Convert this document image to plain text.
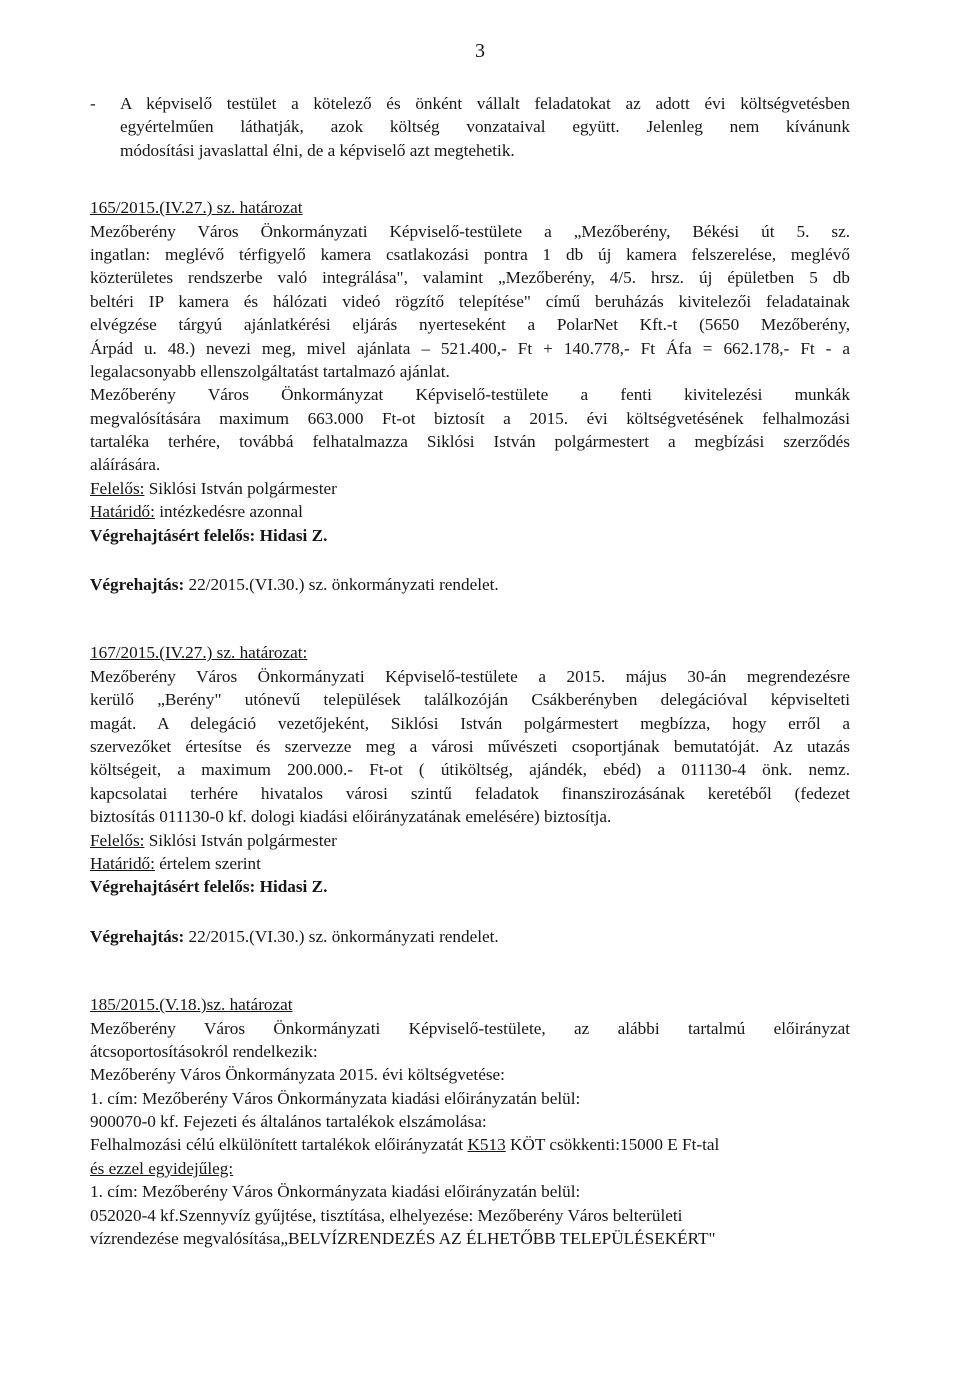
3
- A képviselő testület a kötelező és önként vállalt feladatokat az adott évi költségvetésben
egyértelműen láthatják, azok költség vonzataival együtt. Jelenleg nem kívánunk
módosítási javaslattal élni, de a képviselő azt megtehetik.
165/2015.(IV.27.) sz. határozat
Mezőberény Város Önkormányzati Képviselő-testülete a „Mezőberény, Békési út 5. sz.
ingatlan: meglévő térfigyelő kamera csatlakozási pontra 1 db új kamera felszerelése, meglévő
közterületes rendszerbe való integrálása", valamint „Mezőberény, 4/5. hrsz. új épületben 5 db
beltéri IP kamera és hálózati videó rögzítő telepítése" című beruházás kivitelezői feladatainak
elvégzése tárgyú ajánlatkérési eljárás nyerteseként a PolarNet Kft.-t (5650 Mezőberény,
Árpád u. 48.) nevezi meg, mivel ajánlata – 521.400,- Ft + 140.778,- Ft Áfa = 662.178,- Ft - a
legalacsonyabb ellenszolgáltatást tartalmazó ajánlat.
Mezőberény Város Önkormányzat Képviselő-testülete a fenti kivitelezési munkák
megvalósítására maximum 663.000 Ft-ot biztosít a 2015. évi költségvetésének felhalmozási
tartaléka terhére, továbbá felhatalmazza Siklósi István polgármestert a megbízási szerződés
aláírására.
Felelős: Siklósi István polgármester
Határidő: intézkedésre azonnal
Végrehajtásért felelős: Hidasi Z.
Végrehajtás: 22/2015.(VI.30.) sz. önkormányzati rendelet.
167/2015.(IV.27.) sz. határozat:
Mezőberény Város Önkormányzati Képviselő-testülete a 2015. május 30-án megrendezésre
kerülő „Berény" utónevű települések találkozóján Csákberényben delegációval képviselteti
magát. A delegáció vezetőjeként, Siklósi István polgármestert megbízza, hogy erről a
szervezőket értesítse és szervezze meg a városi művészeti csoportjának bemutatóját. Az utazás
költségeit, a maximum 200.000.- Ft-ot ( útiköltség, ajándék, ebéd) a 011130-4 önk. nemz.
kapcsolatai terhére hivatalos városi szintű feladatok finanszirozásának keretéből (fedezet
biztosítás 011130-0 kf. dologi kiadási előirányzatának emelésére) biztosítja.
Felelős: Siklósi István polgármester
Határidő: értelem szerint
Végrehajtásért felelős: Hidasi Z.
Végrehajtás: 22/2015.(VI.30.) sz. önkormányzati rendelet.
185/2015.(V.18.)sz. határozat
Mezőberény Város Önkormányzati Képviselő-testülete, az alábbi tartalmú előirányzat
átcsoportosításokról rendelkezik:
Mezőberény Város Önkormányzata 2015. évi költségvetése:
1. cím: Mezőberény Város Önkormányzata kiadási előirányzatán belül:
900070-0 kf. Fejezeti és általános tartalékok elszámolása:
Felhalmozási célú elkülönített tartalékok előirányzatát K513 KÖT csökkenti:15000 E Ft-tal
és ezzel egyidejűleg:
1. cím: Mezőberény Város Önkormányzata kiadási előirányzatán belül:
052020-4 kf.Szennyvíz gyűjtése, tisztítása, elhelyezése: Mezőberény Város belterületi
vízrendezése megvalósítása„BELVÍZRENDEZÉS AZ ÉLHETŐBB TELEPÜLÉSEKÉRT"
